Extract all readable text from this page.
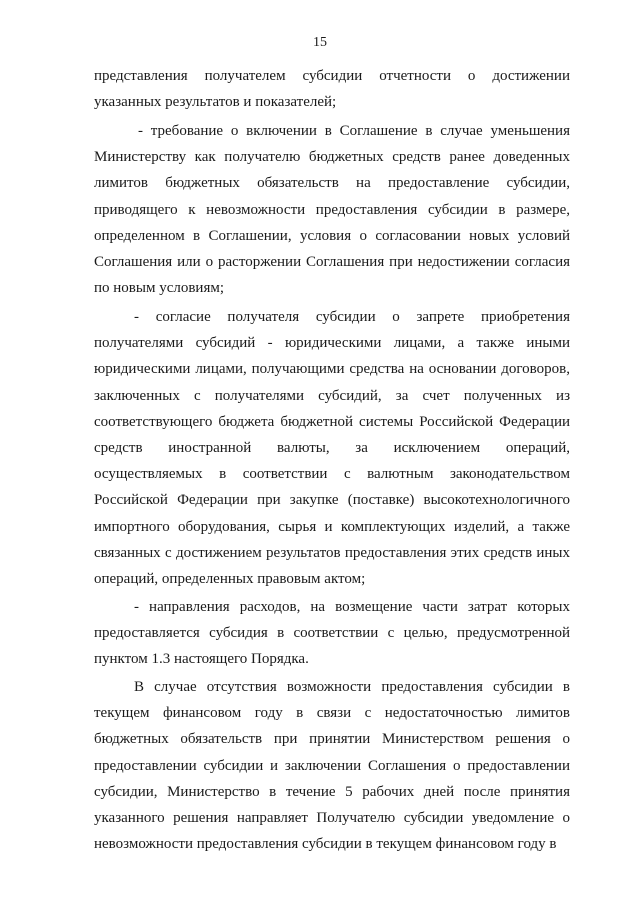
15

представления получателем субсидии отчетности о достижении указанных результатов и показателей;

- требование о включении в Соглашение в случае уменьшения Министерству как получателю бюджетных средств ранее доведенных лимитов бюджетных обязательств на предоставление субсидии, приводящего к невозможности предоставления субсидии в размере, определенном в Соглашении, условия о согласовании новых условий Соглашения или о расторжении Соглашения при недостижении согласия по новым условиям;

- согласие получателя субсидии о запрете приобретения получателями субсидий - юридическими лицами, а также иными юридическими лицами, получающими средства на основании договоров, заключенных с получателями субсидий, за счет полученных из соответствующего бюджета бюджетной системы Российской Федерации средств иностранной валюты, за исключением операций, осуществляемых в соответствии с валютным законодательством Российской Федерации при закупке (поставке) высокотехнологичного импортного оборудования, сырья и комплектующих изделий, а также связанных с достижением результатов предоставления этих средств иных операций, определенных правовым актом;

- направления расходов, на возмещение части затрат которых предоставляется субсидия в соответствии с целью, предусмотренной пунктом 1.3 настоящего Порядка.

В случае отсутствия возможности предоставления субсидии в текущем финансовом году в связи с недостаточностью лимитов бюджетных обязательств при принятии Министерством решения о предоставлении субсидии и заключении Соглашения о предоставлении субсидии, Министерство в течение 5 рабочих дней после принятия указанного решения направляет Получателю субсидии уведомление о невозможности предоставления субсидии в текущем финансовом году в
